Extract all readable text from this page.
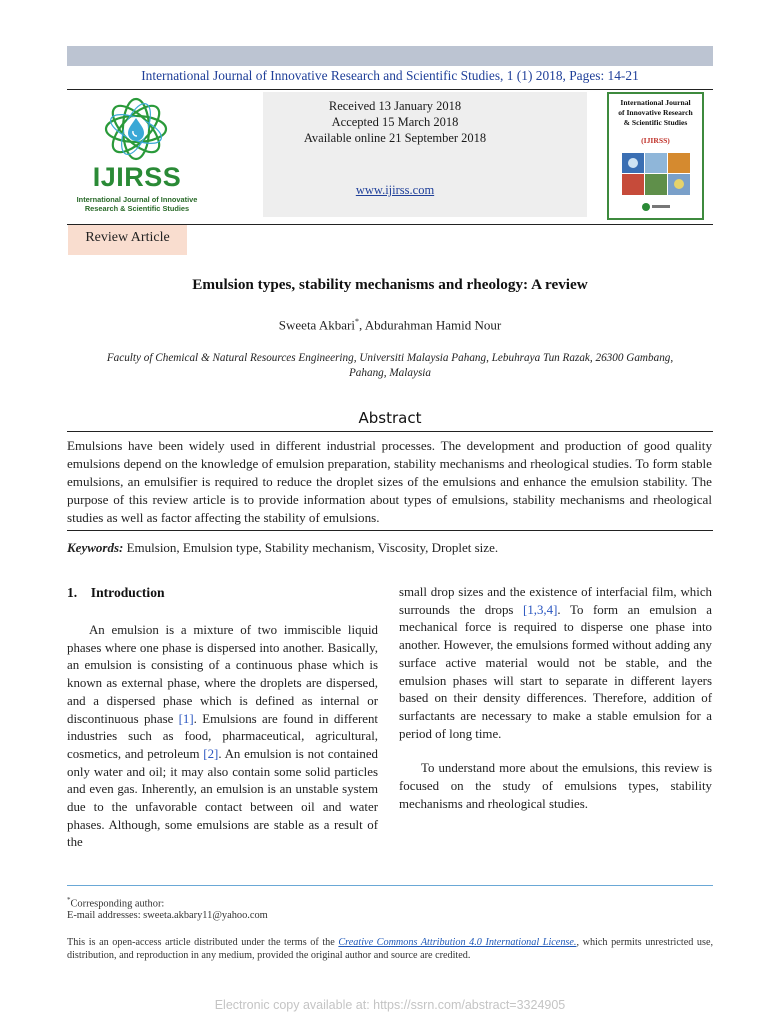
International Journal of Innovative Research and Scientific Studies, 1 (1) 2018, Pages: 14-21
IJIRSS
International Journal of Innovative
Research & Scientific Studies
Received 13 January 2018
Accepted 15 March 2018
Available online 21 September 2018
www.ijirss.com
International Journal
of Innovative Research
& Scientific Studies
(IJIRSS)
Review Article
Emulsion types, stability mechanisms and rheology: A review
Sweeta Akbari*, Abdurahman Hamid Nour
Faculty of Chemical & Natural Resources Engineering, Universiti Malaysia Pahang, Lebuhraya Tun Razak, 26300 Gambang,
Pahang, Malaysia
Abstract
Emulsions have been widely used in different industrial processes. The development and production of good quality emulsions depend on the knowledge of emulsion preparation, stability mechanisms and rheological studies. To form stable emulsions, an emulsifier is required to reduce the droplet sizes of the emulsions and enhance the emulsion stability. The purpose of this review article is to provide information about types of emulsions, stability mechanisms and rheological studies as well as factor affecting the stability of emulsions.
Keywords: Emulsion, Emulsion type, Stability mechanism, Viscosity, Droplet size.
1.    Introduction

An emulsion is a mixture of two immiscible liquid phases where one phase is dispersed into another. Basically, an emulsion is consisting of a continuous phase which is known as external phase, where the droplets are dispersed, and a dispersed phase which is defined as internal or discontinuous phase [1]. Emulsions are found in different industries such as food, pharmaceutical, agricultural, cosmetics, and petroleum [2]. An emulsion is not contained only water and oil; it may also contain some solid particles and even gas. Inherently, an emulsion is an unstable system due to the unfavorable contact between oil and water phases. Although, some emulsions are stable as a result of the

small drop sizes and the existence of interfacial film, which surrounds the drops [1,3,4]. To form an emulsion a mechanical force is required to disperse one phase into another. However, the emulsions formed without adding any surface active material would not be stable, and the emulsion phases will start to separate in different layers based on their density differences. Therefore, addition of surfactants are necessary to make a stable emulsion for a period of long time.

To understand more about the emulsions, this review is focused on the study of emulsions types, stability mechanisms and rheological studies.

*Corresponding author:
E-mail addresses: sweeta.akbary11@yahoo.com
This is an open-access article distributed under the terms of the Creative Commons Attribution 4.0 International License., which permits unrestricted use, distribution, and reproduction in any medium, provided the original author and source are credited.
Electronic copy available at: https://ssrn.com/abstract=3324905
